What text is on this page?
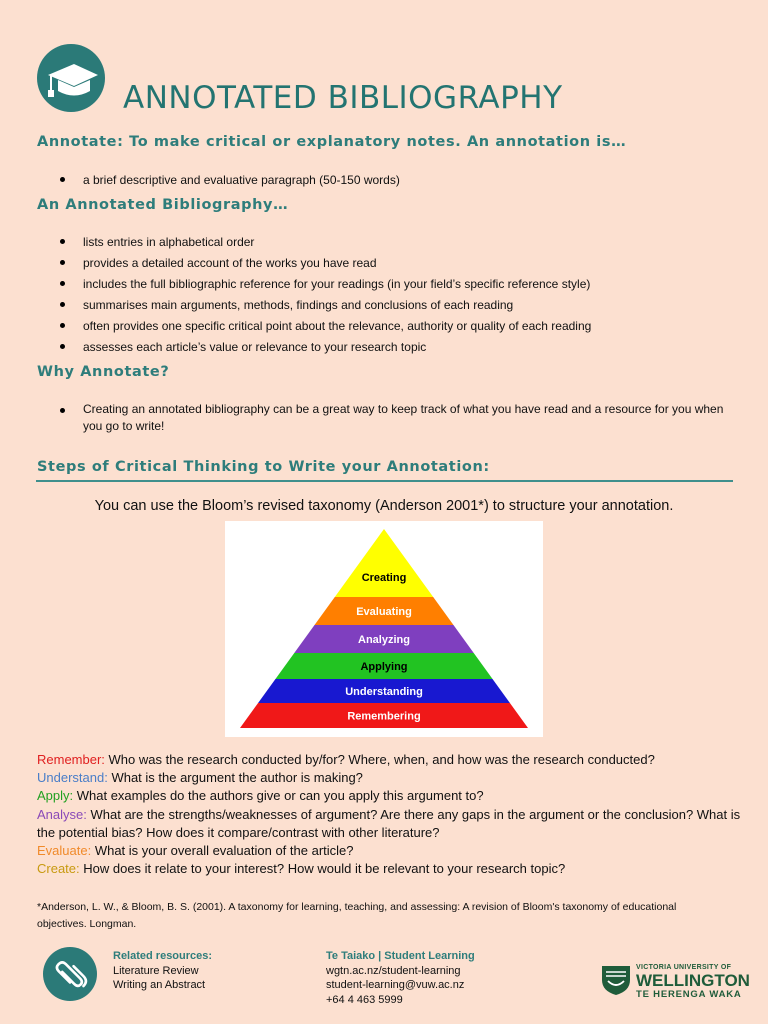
ANNOTATED BIBLIOGRAPHY
Annotate: To make critical or explanatory notes. An annotation is…
a brief descriptive and evaluative paragraph (50-150 words)
An Annotated Bibliography…
lists entries in alphabetical order
provides a detailed account of the works you have read
includes the full bibliographic reference for your readings (in your field’s specific reference style)
summarises main arguments, methods, findings and conclusions of each reading
often provides one specific critical point about the relevance, authority or quality of each reading
assesses each article’s value or relevance to your research topic
Why Annotate?
Creating an annotated bibliography can be a great way to keep track of what you have read and a resource for you when you go to write!
Steps of Critical Thinking to Write your Annotation:
You can use the Bloom’s revised taxonomy (Anderson 2001*) to structure your annotation.
Creating
Evaluating
Analyzing
Applying
Understanding
Remembering
Remember: Who was the research conducted by/for? Where, when, and how was the research conducted?
Understand: What is the argument the author is making?
Apply: What examples do the authors give or can you apply this argument to?
Analyse: What are the strengths/weaknesses of argument? Are there any gaps in the argument or the conclusion? What is the potential bias? How does it compare/contrast with other literature?
Evaluate: What is your overall evaluation of the article?
Create: How does it relate to your interest? How would it be relevant to your research topic?
*Anderson, L. W., & Bloom, B. S. (2001). A taxonomy for learning, teaching, and assessing: A revision of Bloom's taxonomy of educational objectives. Longman.
Related resources:
Literature Review
Writing an Abstract
Te Taiako | Student Learning
wgtn.ac.nz/student-learning
student-learning@vuw.ac.nz
+64 4 463 5999
VICTORIA UNIVERSITY OF
WELLINGTON
TE HERENGA WAKA
